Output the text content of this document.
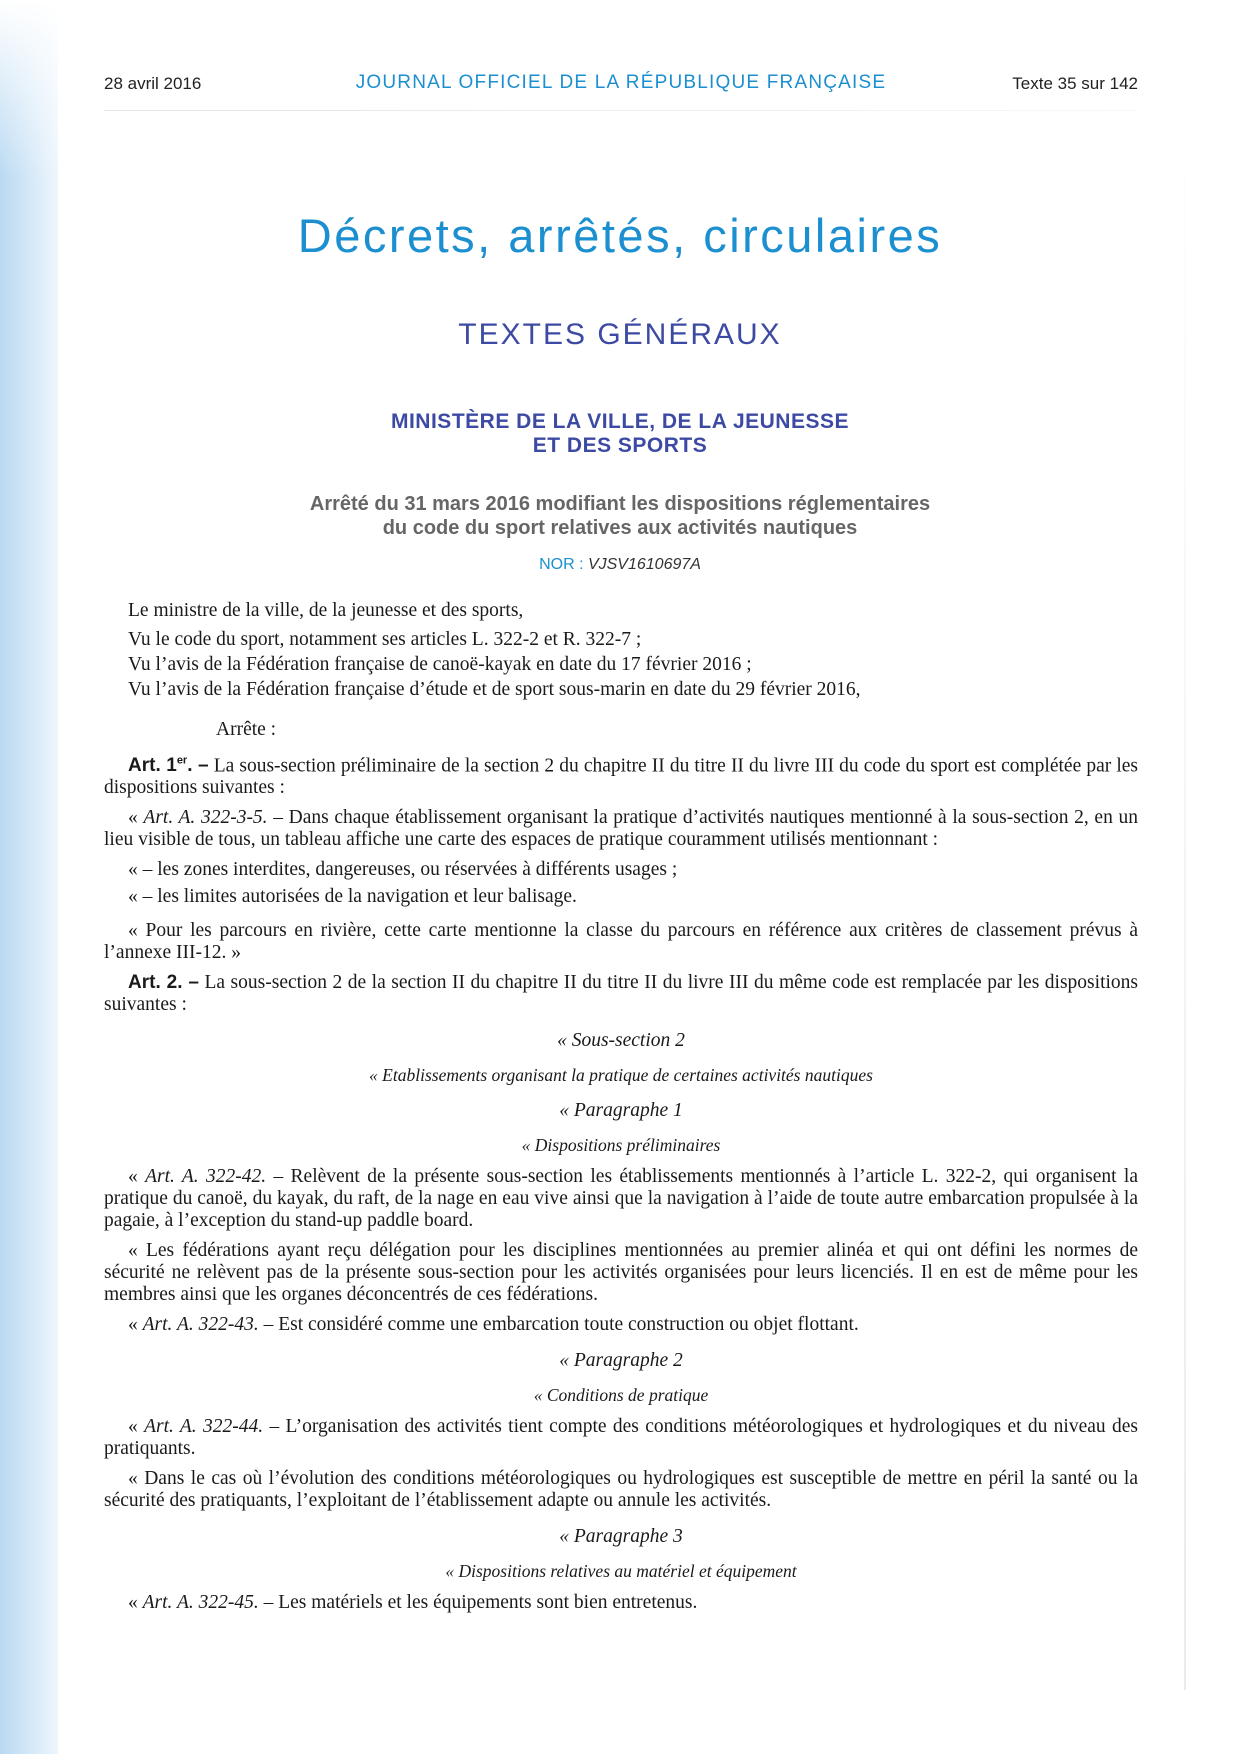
28 avril 2016	JOURNAL OFFICIEL DE LA RÉPUBLIQUE FRANÇAISE	Texte 35 sur 142
Décrets, arrêtés, circulaires
TEXTES GÉNÉRAUX
MINISTÈRE DE LA VILLE, DE LA JEUNESSE
ET DES SPORTS
Arrêté du 31 mars 2016 modifiant les dispositions réglementaires
du code du sport relatives aux activités nautiques
NOR : VJSV1610697A

Le ministre de la ville, de la jeunesse et des sports,

Vu le code du sport, notamment ses articles L. 322-2 et R. 322-7 ;

Vu l’avis de la Fédération française de canoë-kayak en date du 17 février 2016 ;

Vu l’avis de la Fédération française d’étude et de sport sous-marin en date du 29 février 2016,

Arrête :

Art. 1er. – La sous-section préliminaire de la section 2 du chapitre II du titre II du livre III du code du sport est complétée par les dispositions suivantes :

« Art. A. 322-3-5. – Dans chaque établissement organisant la pratique d’activités nautiques mentionné à la sous-section 2, en un lieu visible de tous, un tableau affiche une carte des espaces de pratique couramment utilisés mentionnant :

« – les zones interdites, dangereuses, ou réservées à différents usages ;

« – les limites autorisées de la navigation et leur balisage.

« Pour les parcours en rivière, cette carte mentionne la classe du parcours en référence aux critères de classement prévus à l’annexe III-12. »

Art. 2. – La sous-section 2 de la section II du chapitre II du titre II du livre III du même code est remplacée par les dispositions suivantes :

« Sous-section 2

« Etablissements organisant la pratique de certaines activités nautiques

« Paragraphe 1

« Dispositions préliminaires

« Art. A. 322-42. – Relèvent de la présente sous-section les établissements mentionnés à l’article L. 322-2, qui organisent la pratique du canoë, du kayak, du raft, de la nage en eau vive ainsi que la navigation à l’aide de toute autre embarcation propulsée à la pagaie, à l’exception du stand-up paddle board.

« Les fédérations ayant reçu délégation pour les disciplines mentionnées au premier alinéa et qui ont défini les normes de sécurité ne relèvent pas de la présente sous-section pour les activités organisées pour leurs licenciés. Il en est de même pour les membres ainsi que les organes déconcentrés de ces fédérations.

« Art. A. 322-43. – Est considéré comme une embarcation toute construction ou objet flottant.

« Paragraphe 2

« Conditions de pratique

« Art. A. 322-44. – L’organisation des activités tient compte des conditions météorologiques et hydrologiques et du niveau des pratiquants.

« Dans le cas où l’évolution des conditions météorologiques ou hydrologiques est susceptible de mettre en péril la santé ou la sécurité des pratiquants, l’exploitant de l’établissement adapte ou annule les activités.

« Paragraphe 3

« Dispositions relatives au matériel et équipement

« Art. A. 322-45. – Les matériels et les équipements sont bien entretenus.
